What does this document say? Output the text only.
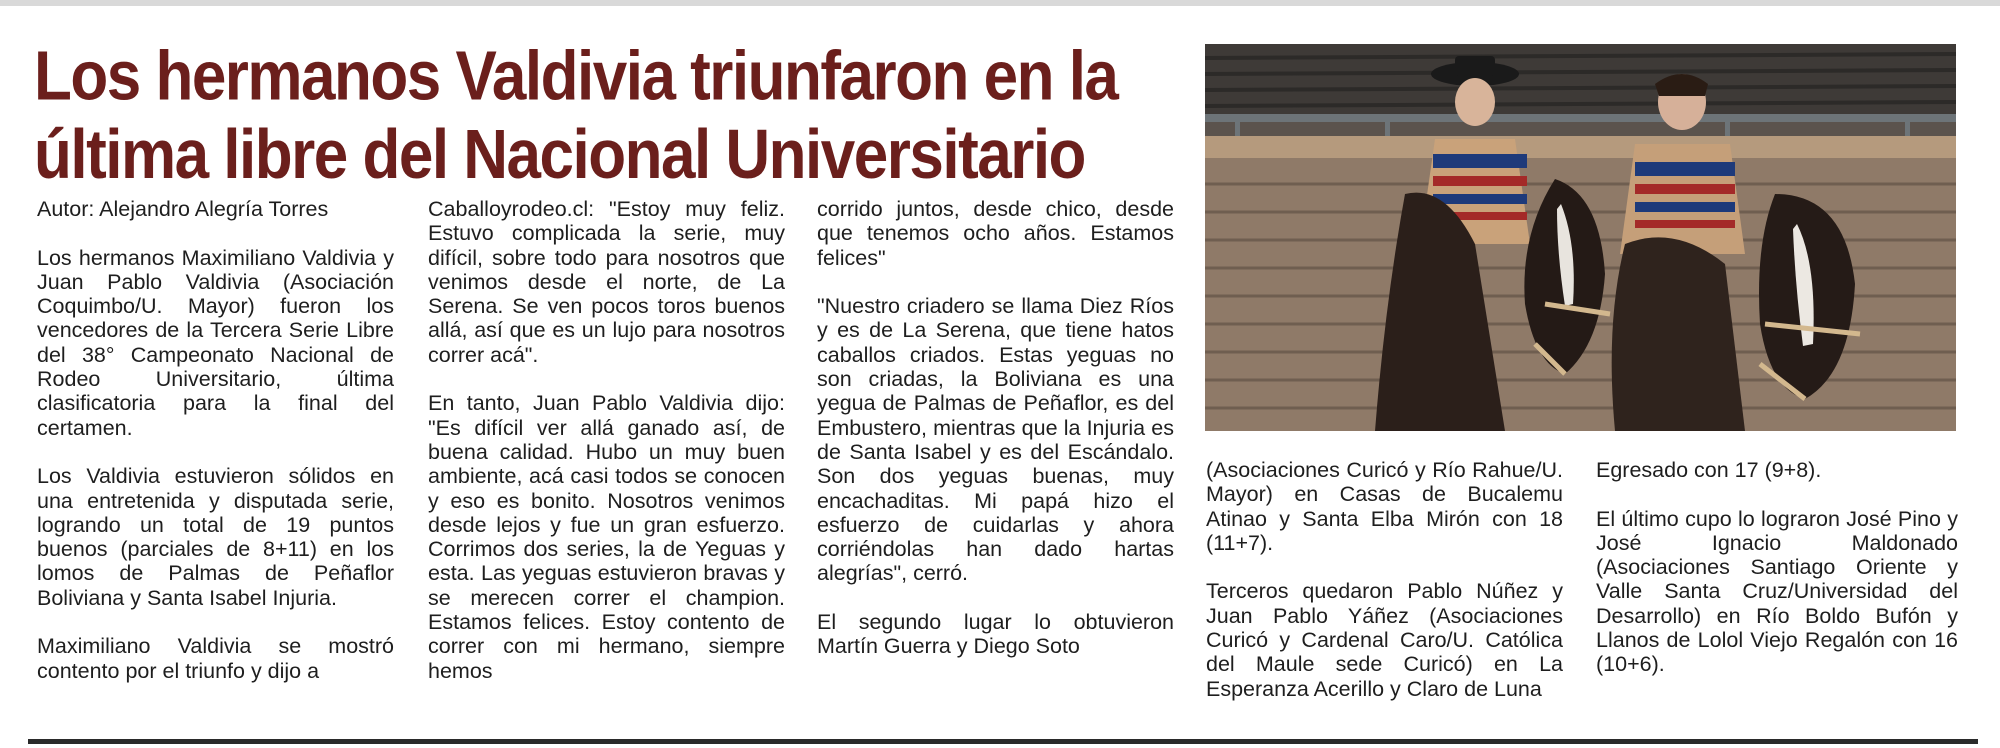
Los hermanos Valdivia triunfaron en la última libre del Nacional Universitario

Autor: Alejandro Alegría Torres

Los hermanos Maximiliano Valdivia y Juan Pablo Valdivia (Asociación Coquimbo/U. Mayor) fueron los vencedores de la Tercera Serie Libre del 38° Campeonato Nacional de Rodeo Universitario, última clasificatoria para la final del certamen.

Los Valdivia estuvieron sólidos en una entretenida y disputada serie, logrando un total de 19 puntos buenos (parciales de 8+11) en los lomos de Palmas de Peñaflor Boliviana y Santa Isabel Injuria.

Maximiliano Valdivia se mostró contento por el triunfo y dijo a

Caballoyrodeo.cl: "Estoy muy feliz. Estuvo complicada la serie, muy difícil, sobre todo para nosotros que venimos desde el norte, de La Serena. Se ven pocos toros buenos allá, así que es un lujo para nosotros correr acá".

En tanto, Juan Pablo Valdivia dijo: "Es difícil ver allá ganado así, de buena calidad. Hubo un muy buen ambiente, acá casi todos se conocen y eso es bonito. Nosotros venimos desde lejos y fue un gran esfuerzo. Corrimos dos series, la de Yeguas y esta. Las yeguas estuvieron bravas y se merecen correr el champion. Estamos felices. Estoy contento de correr con mi hermano, siempre hemos

corrido juntos, desde chico, desde que tenemos ocho años. Estamos felices"

"Nuestro criadero se llama Diez Ríos y es de La Serena, que tiene hatos caballos criados. Estas yeguas no son criadas, la Boliviana es una yegua de Palmas de Peñaflor, es del Embustero, mientras que la Injuria es de Santa Isabel y es del Escándalo. Son dos yeguas buenas, muy encachaditas. Mi papá hizo el esfuerzo de cuidarlas y ahora corriéndolas han dado hartas alegrías", cerró.

El segundo lugar lo obtuvieron Martín Guerra y Diego Soto

(Asociaciones Curicó y Río Rahue/U. Mayor) en Casas de Bucalemu Atinao y Santa Elba Mirón con 18 (11+7).

Terceros quedaron Pablo Núñez y Juan Pablo Yáñez (Asociaciones Curicó y Cardenal Caro/U. Católica del Maule sede Curicó) en La Esperanza Acerillo y Claro de Luna

Egresado con 17 (9+8).

El último cupo lo lograron José Pino y José Ignacio Maldonado (Asociaciones Santiago Oriente y Valle Santa Cruz/Universidad del Desarrollo) en Río Boldo Bufón y Llanos de Lolol Viejo Regalón con 16 (10+6).
